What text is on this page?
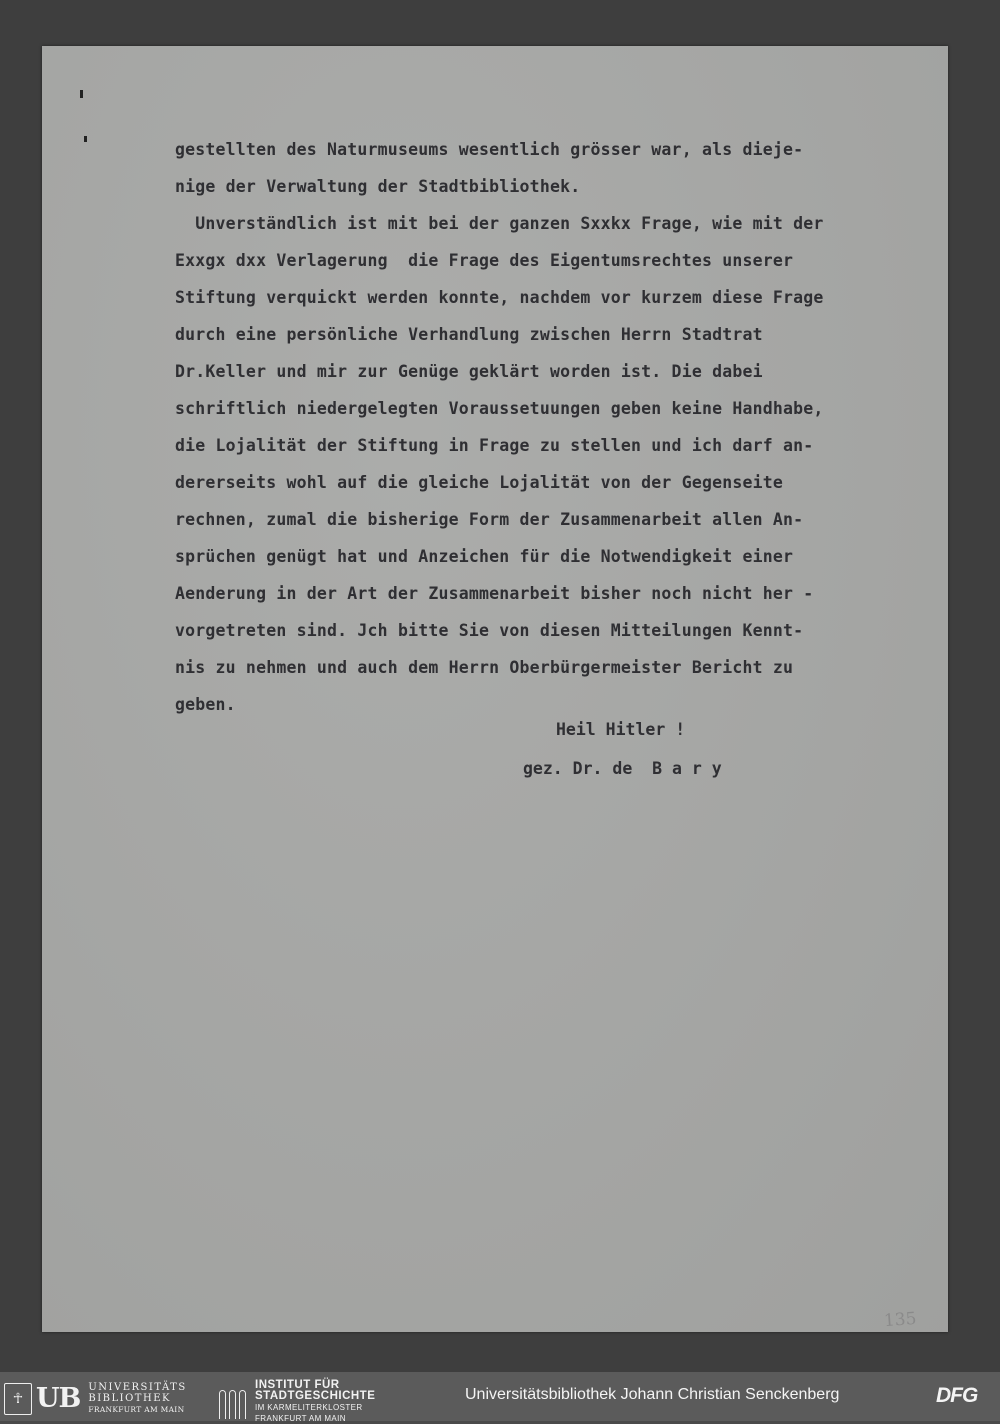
gestellten des Naturmuseums wesentlich grösser war, als dieje-
nige der Verwaltung der Stadtbibliothek.
Unverständlich ist mit bei der ganzen Sxxkx Frage, wie mit der
Exxgx dxx Verlagerung  die Frage des Eigentumsrechtes unserer
Stiftung verquickt werden konnte, nachdem vor kurzem diese Frage
durch eine persönliche Verhandlung zwischen Herrn Stadtrat
Dr.Keller und mir zur Genüge geklärt worden ist. Die dabei
schriftlich niedergelegten Voraussetuungen geben keine Handhabe,
die Lojalität der Stiftung in Frage zu stellen und ich darf an-
dererseits wohl auf die gleiche Lojalität von der Gegenseite
rechnen, zumal die bisherige Form der Zusammenarbeit allen An-
sprüchen genügt hat und Anzeichen für die Notwendigkeit einer
Aenderung in der Art der Zusammenarbeit bisher noch nicht her -
vorgetreten sind. Jch bitte Sie von diesen Mitteilungen Kennt-
nis zu nehmen und auch dem Herrn Oberbürgermeister Bericht zu
geben.
Heil Hitler !
gez. Dr. de  B a r y
135
☥ UB UNIVERSITÄTS
BIBLIOTHEK
FRANKFURT AM MAIN
INSTITUT FÜR
STADTGESCHICHTE
IM KARMELITERKLOSTER
FRANKFURT AM MAIN
Universitätsbibliothek Johann Christian Senckenberg	DFG
